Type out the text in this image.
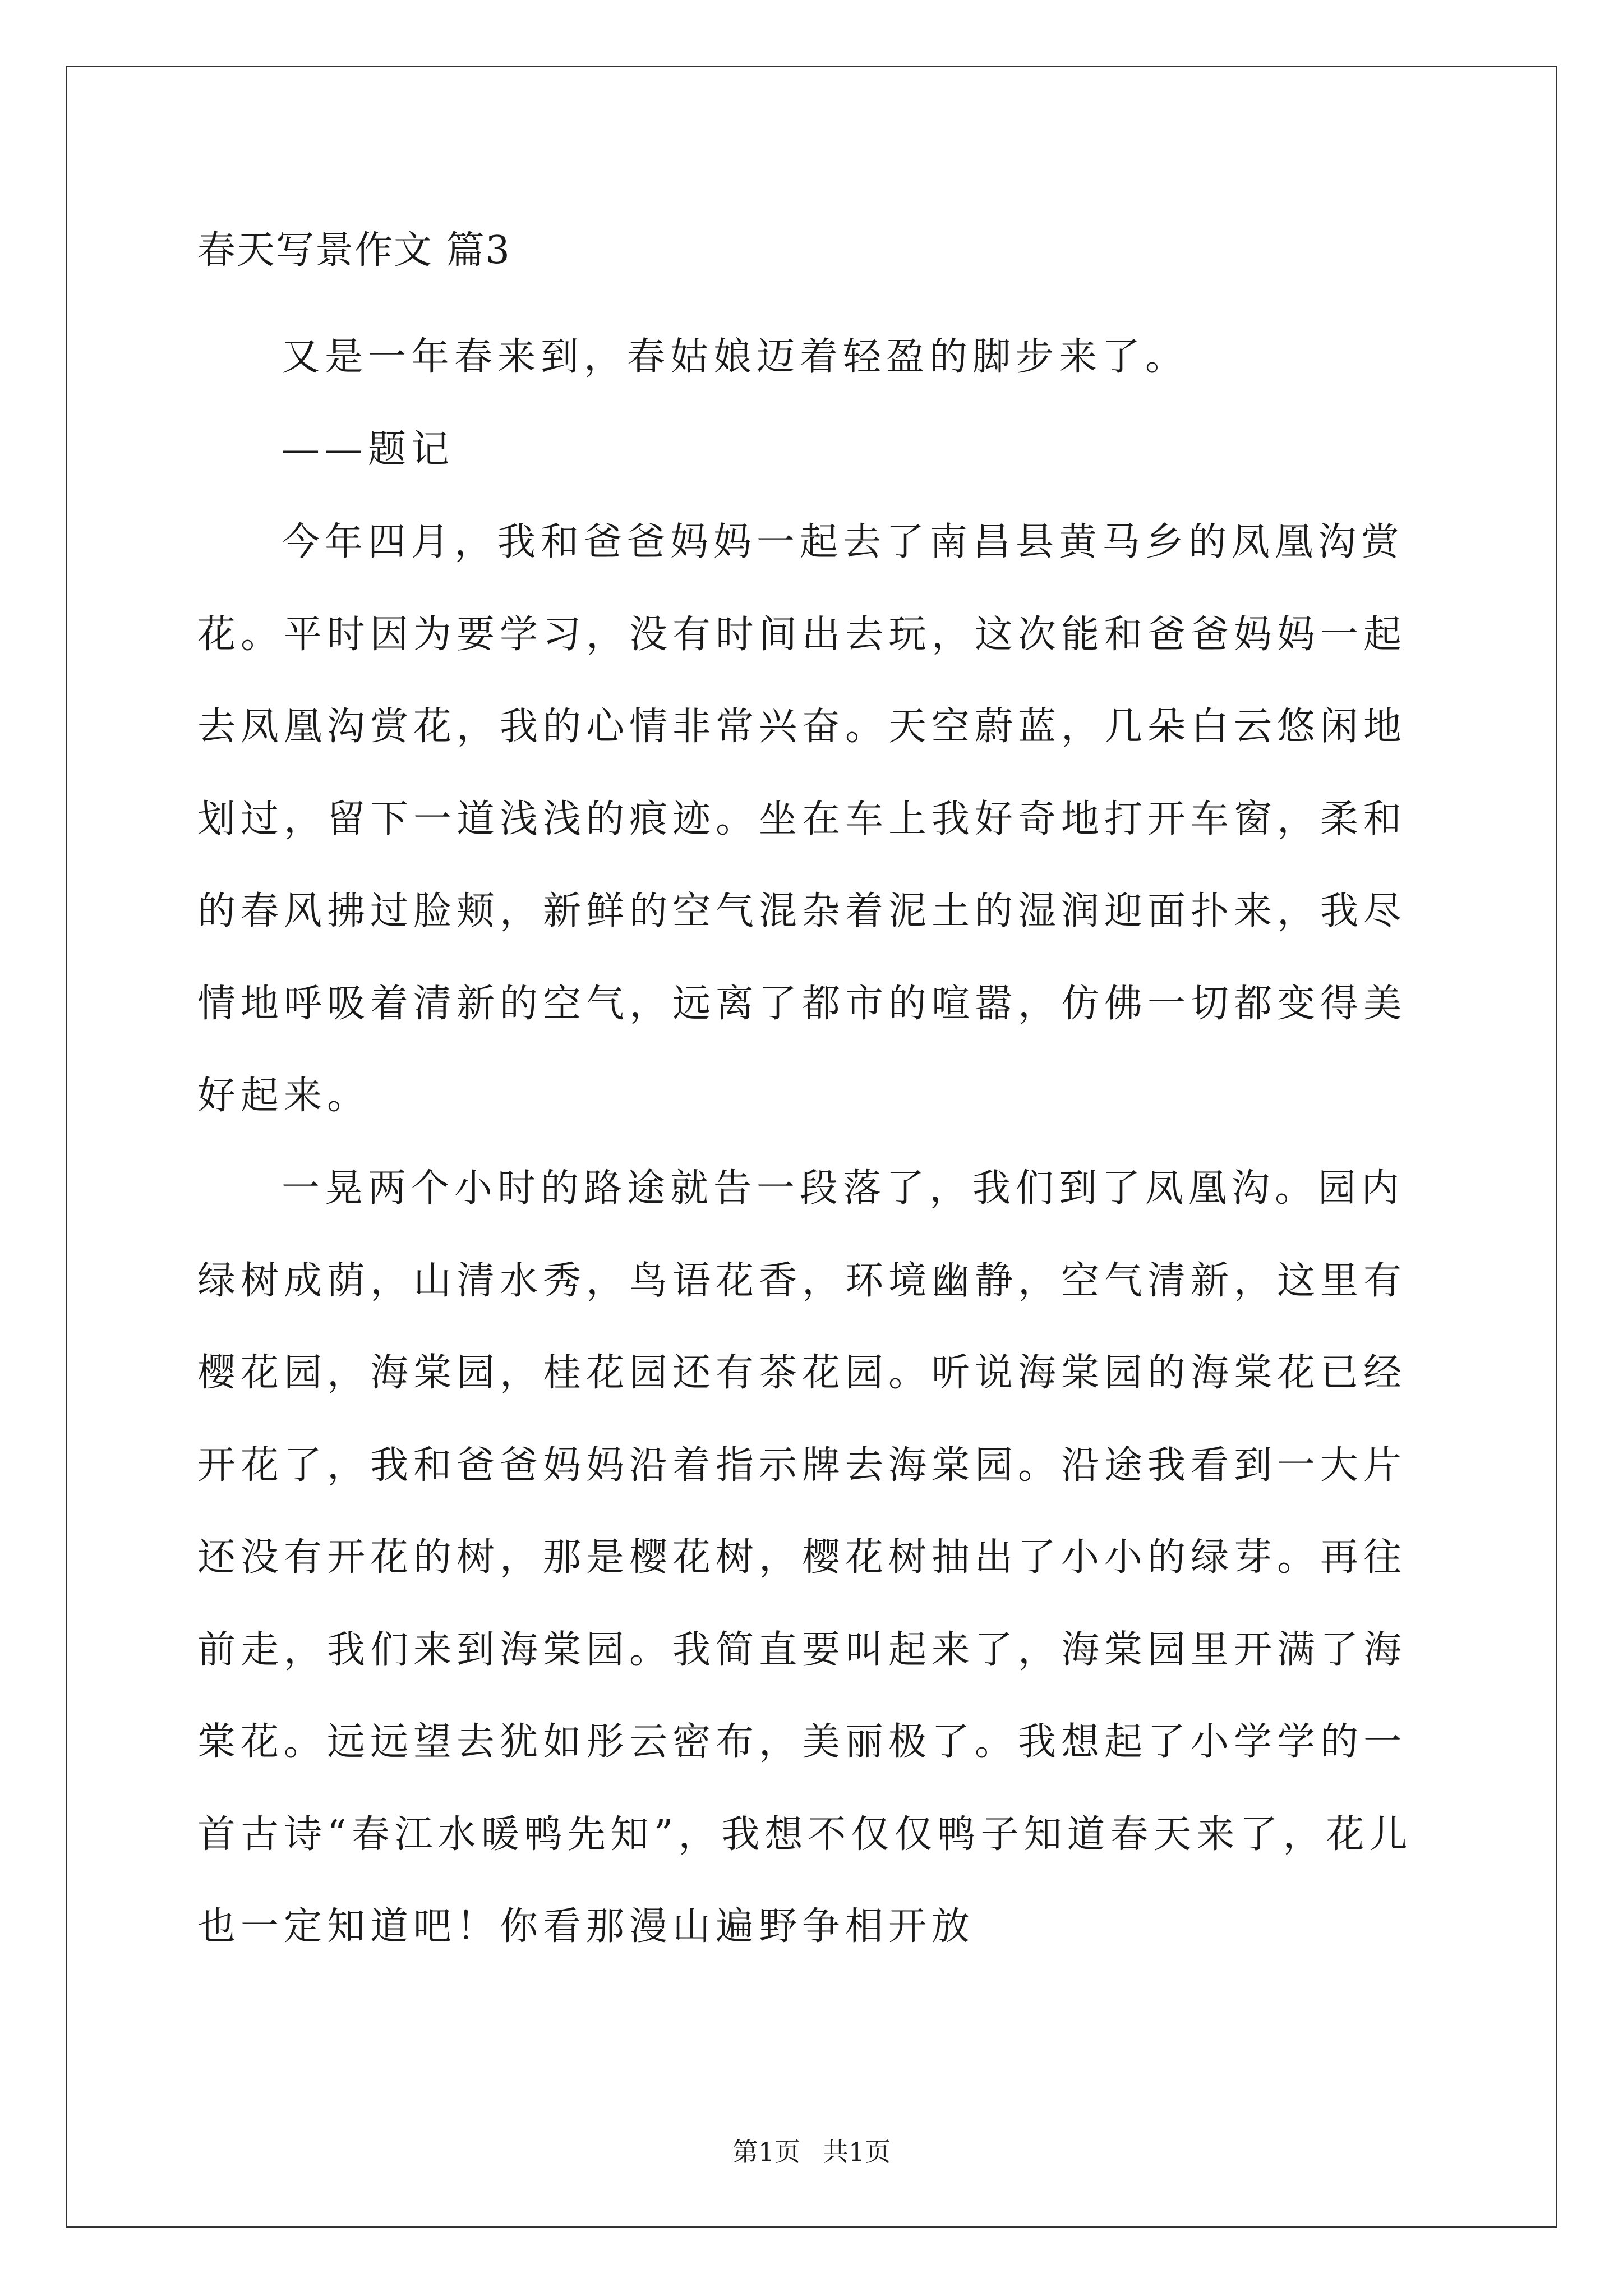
春天写景作文 篇3

又是一年春来到，春姑娘迈着轻盈的脚步来了。

——题记

今年四月，我和爸爸妈妈一起去了南昌县黄马乡的凤凰沟赏花。平时因为要学习，没有时间出去玩，这次能和爸爸妈妈一起去凤凰沟赏花，我的心情非常兴奋。天空蔚蓝，几朵白云悠闲地划过，留下一道浅浅的痕迹。坐在车上我好奇地打开车窗，柔和的春风拂过脸颊，新鲜的空气混杂着泥土的湿润迎面扑来，我尽情地呼吸着清新的空气，远离了都市的喧嚣，仿佛一切都变得美好起来。

一晃两个小时的路途就告一段落了，我们到了凤凰沟。园内绿树成荫，山清水秀，鸟语花香，环境幽静，空气清新，这里有樱花园，海棠园，桂花园还有茶花园。听说海棠园的海棠花已经开花了，我和爸爸妈妈沿着指示牌去海棠园。沿途我看到一大片还没有开花的树，那是樱花树，樱花树抽出了小小的绿芽。再往前走，我们来到海棠园。我简直要叫起来了，海棠园里开满了海棠花。远远望去犹如彤云密布，美丽极了。我想起了小学学的一首古诗“春江水暖鸭先知”，我想不仅仅鸭子知道春天来了，花儿也一定知道吧！你看那漫山遍野争相开放

第1页 共1页
